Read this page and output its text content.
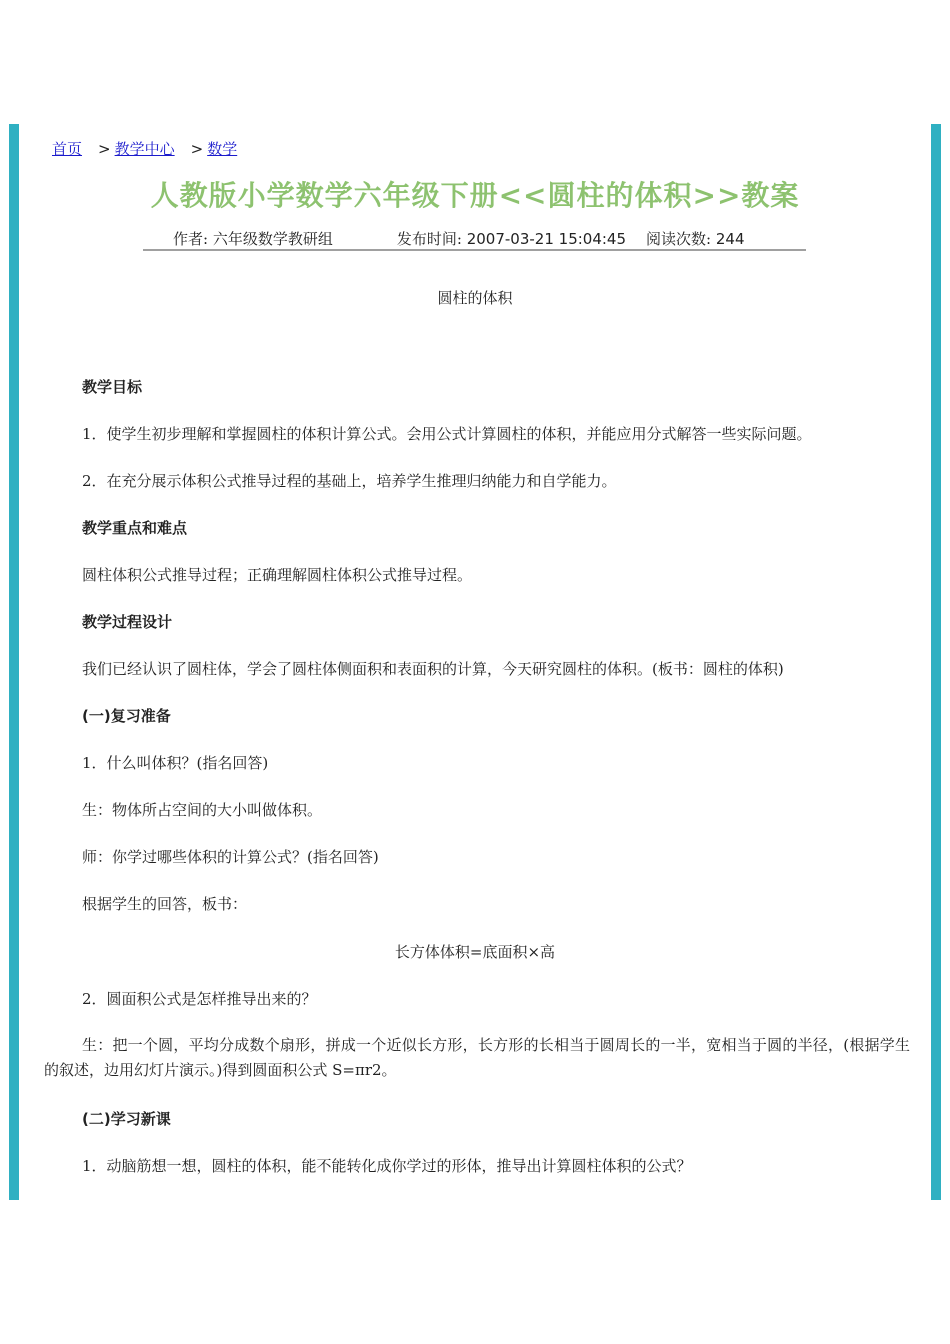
首页 > 教学中心 > 数学
人教版小学数学六年级下册<<圆柱的体积>>教案
作者: 六年级数学教研组	发布时间: 2007-03-21 15:04:45 阅读次数: 244
圆柱的体积
教学目标
1．使学生初步理解和掌握圆柱的体积计算公式。会用公式计算圆柱的体积，并能应用分式解答一些实际问题。
2．在充分展示体积公式推导过程的基础上，培养学生推理归纳能力和自学能力。
教学重点和难点
圆柱体积公式推导过程；正确理解圆柱体积公式推导过程。
教学过程设计
我们已经认识了圆柱体，学会了圆柱体侧面积和表面积的计算，今天研究圆柱的体积。(板书：圆柱的体积)
(一)复习准备
1．什么叫体积？(指名回答)
生：物体所占空间的大小叫做体积。
师：你学过哪些体积的计算公式？(指名回答)
根据学生的回答，板书：
长方体体积=底面积×高
2．圆面积公式是怎样推导出来的？
生：把一个圆，平均分成数个扇形，拼成一个近似长方形，长方形的长相当于圆周长的一半，宽相当于圆的半径，(根据学生的叙述，边用幻灯片演示。)得到圆面积公式 S=πr2。
(二)学习新课
1．动脑筋想一想，圆柱的体积，能不能转化成你学过的形体，推导出计算圆柱体积的公式？
